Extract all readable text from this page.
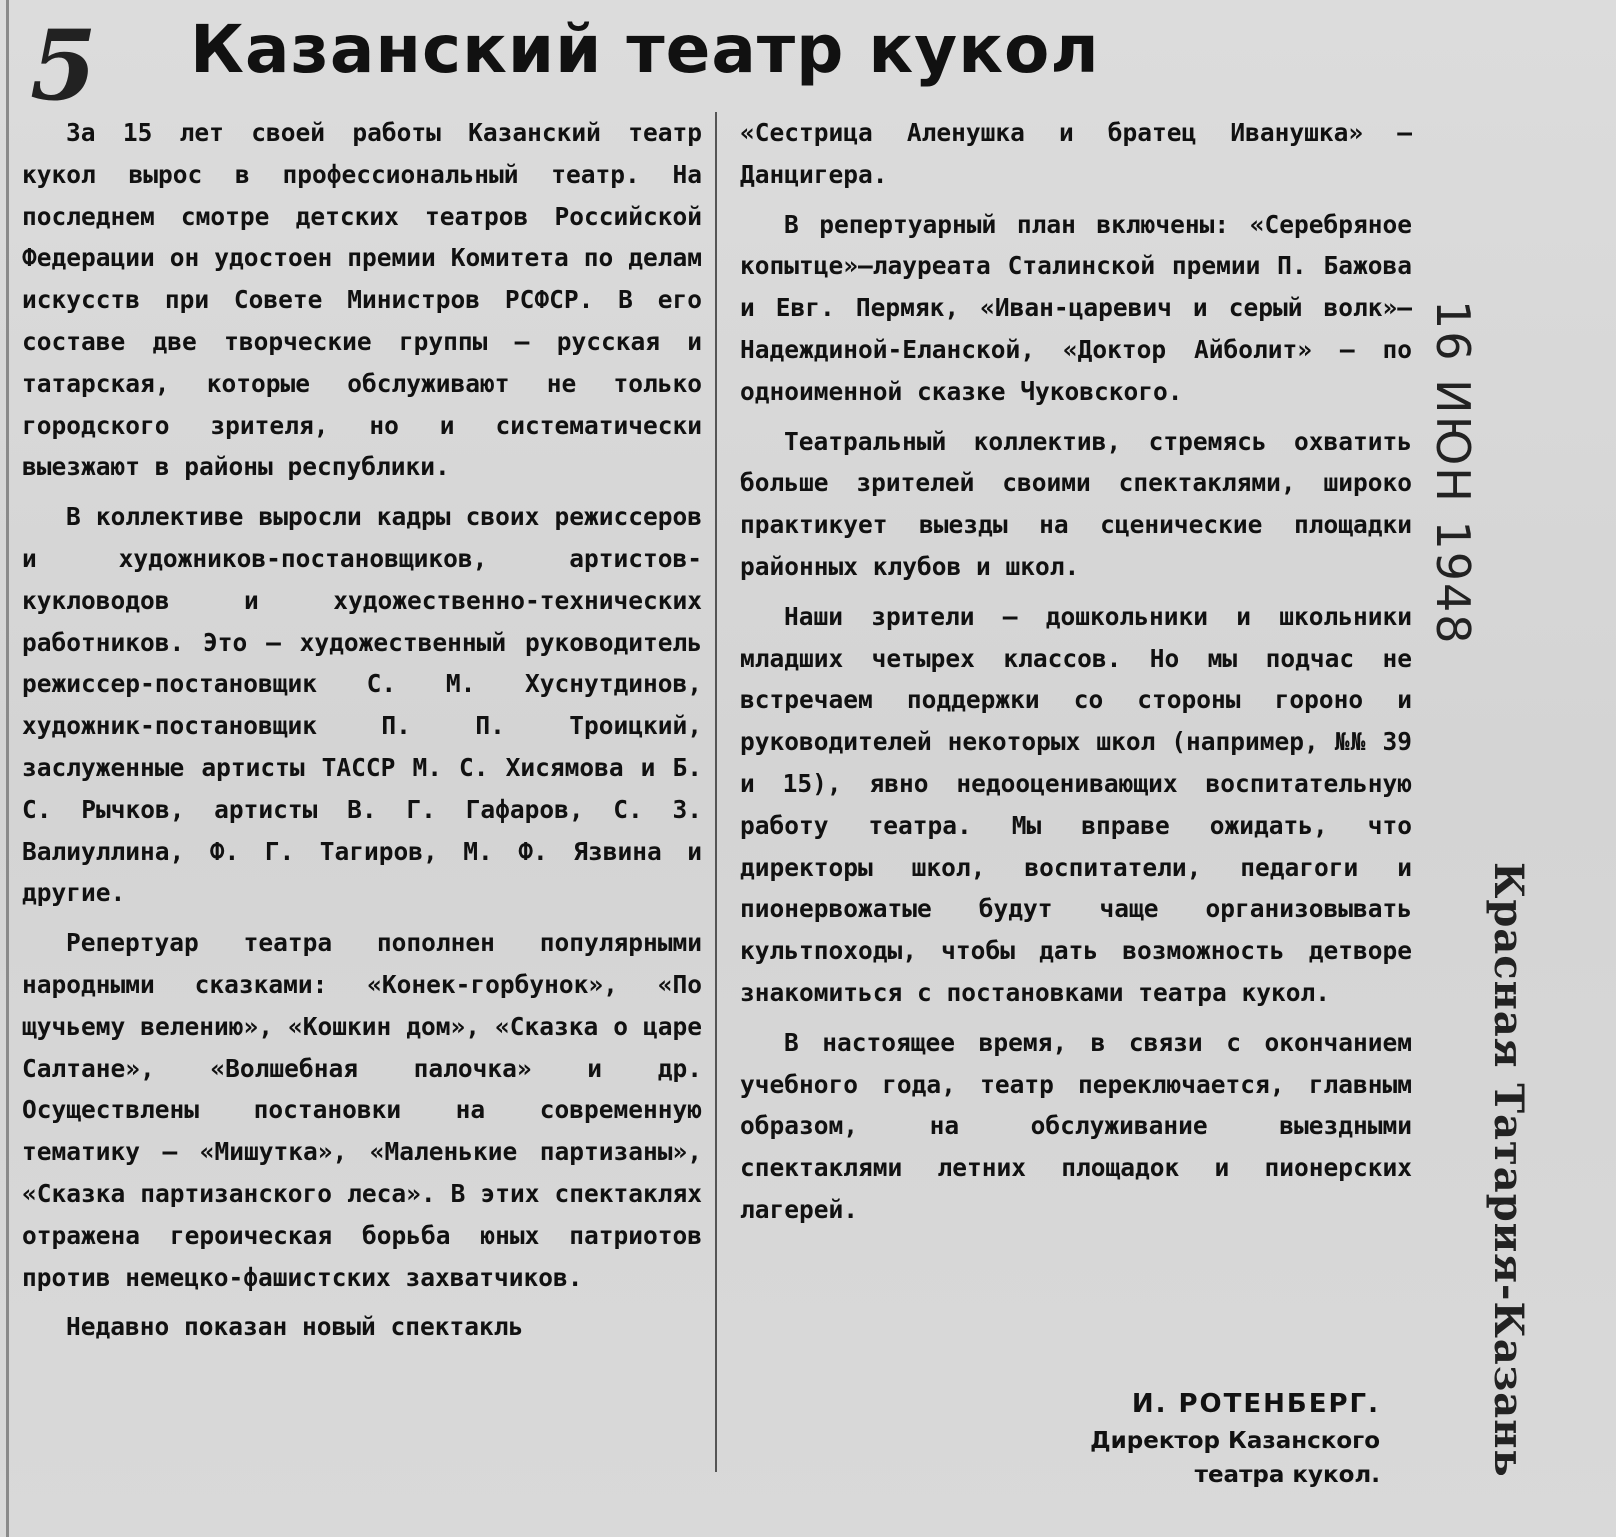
5 Казанский театр кукол

За 15 лет своей работы Казанский театр кукол вырос в профессиональный театр. На последнем смотре детских театров Российской Федерации он удостоен премии Комитета по делам искусств при Совете Министров РСФСР. В его составе две творческие группы — русская и татарская, которые обслуживают не только городского зрителя, но и систематически выезжают в районы республики.

В коллективе выросли кадры своих режиссеров и художников-постановщиков, артистов-кукловодов и художественно-технических работников. Это — художественный руководитель режиссер-постановщик С. М. Хуснутдинов, художник-постановщик П. П. Троицкий, заслуженные артисты ТАССР М. С. Хисямова и Б. С. Рычков, артисты В. Г. Гафаров, С. З. Валиуллина, Ф. Г. Тагиров, М. Ф. Язвина и другие.

Репертуар театра пополнен популярными народными сказками: «Конек-горбунок», «По щучьему велению», «Кошкин дом», «Сказка о царе Салтане», «Волшебная палочка» и др. Осуществлены постановки на современную тематику — «Мишутка», «Маленькие партизаны», «Сказка партизанского леса». В этих спектаклях отражена героическая борьба юных патриотов против немецко-фашистских захватчиков.

Недавно показан новый спектакль

«Сестрица Аленушка и братец Иванушка» — Данцигера.

В репертуарный план включены: «Серебряное копытце»—лауреата Сталинской премии П. Бажова и Евг. Пермяк, «Иван-царевич и серый волк»—Надеждиной-Еланской, «Доктор Айболит» — по одноименной сказке Чуковского.

Театральный коллектив, стремясь охватить больше зрителей своими спектаклями, широко практикует выезды на сценические площадки районных клубов и школ.

Наши зрители — дошкольники и школьники младших четырех классов. Но мы подчас не встречаем поддержки со стороны гороно и руководителей некоторых школ (например, №№ 39 и 15), явно недооценивающих воспитательную работу театра. Мы вправе ожидать, что директоры школ, воспитатели, педагоги и пионервожатые будут чаще организовывать культпоходы, чтобы дать возможность детворе знакомиться с постановками театра кукол.

В настоящее время, в связи с окончанием учебного года, театр переключается, главным образом, на обслуживание выездными спектаклями летних площадок и пионерских лагерей.

И. РОТЕНБЕРГ.
Директор Казанского
театра кукол.
16 ИЮН 1948
Красная Татария-Казань
